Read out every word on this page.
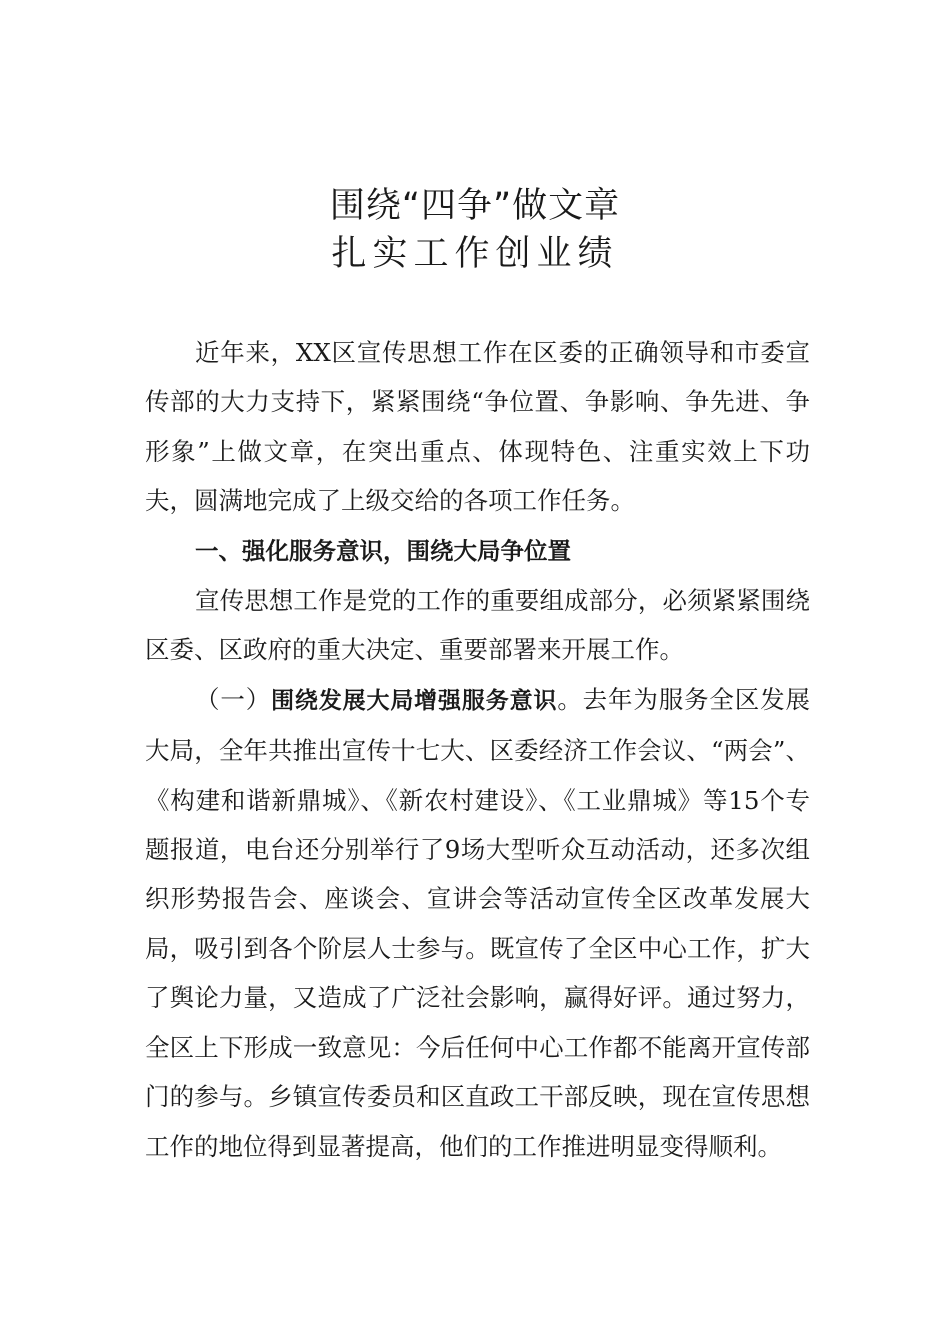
围绕“四争”做文章
扎实工作创业绩

近年来，XX区宣传思想工作在区委的正确领导和市委宣传部的大力支持下，紧紧围绕“争位置、争影响、争先进、争形象”上做文章，在突出重点、体现特色、注重实效上下功夫，圆满地完成了上级交给的各项工作任务。

一、强化服务意识，围绕大局争位置

宣传思想工作是党的工作的重要组成部分，必须紧紧围绕区委、区政府的重大决定、重要部署来开展工作。

（一）围绕发展大局增强服务意识。去年为服务全区发展大局，全年共推出宣传十七大、区委经济工作会议、“两会”、《构建和谐新鼎城》、《新农村建设》、《工业鼎城》等15个专题报道，电台还分别举行了9场大型听众互动活动，还多次组织形势报告会、座谈会、宣讲会等活动宣传全区改革发展大局，吸引到各个阶层人士参与。既宣传了全区中心工作，扩大了舆论力量，又造成了广泛社会影响，赢得好评。通过努力，全区上下形成一致意见：今后任何中心工作都不能离开宣传部门的参与。乡镇宣传委员和区直政工干部反映，现在宣传思想工作的地位得到显著提高，他们的工作推进明显变得顺利。
